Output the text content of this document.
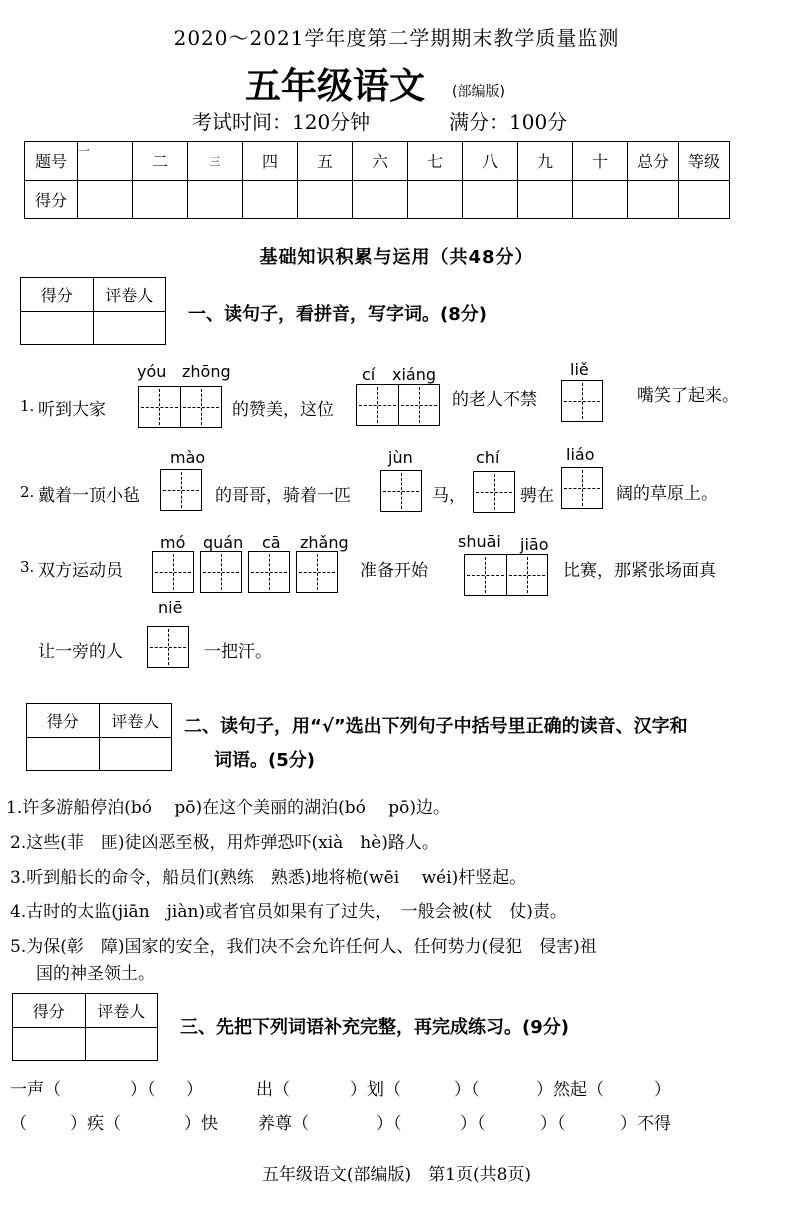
2020～2021学年度第二学期期末教学质量监测
五年级语文 (部编版)
考试时间：120分钟	满分：100分
题号	一	二	三	四	五	六	七	八	九	十	总分	等级
得分												
基础知识积累与运用（共48分）
得分	评卷人
一、读句子，看拼音，写字词。(8分)
yóu zhōng	cí xiáng	liě
1. 听到大家	的赞美，这位	的老人不禁	嘴笑了起来。
mào	jùn	chí	liáo
2. 戴着一顶小毡	的哥哥，骑着一匹	马，	骋在	阔的草原上。
mó quán cā zhǎng	shuāi jiāo
3. 双方运动员	准备开始	比赛，那紧张场面真
niē
让一旁的人	一把汗。
得分	评卷人	二、读句子，用“√”选出下列句子中括号里正确的读音、汉字和
词语。(5分)
1.许多游船停泊(bó　 pō)在这个美丽的湖泊(bó　 pō)边。
2.这些(菲　匪)徒凶恶至极，用炸弹恐吓(xià　hè)路人。
3.听到船长的命令，船员们(熟练　熟悉)地将桅(wēi　 wéi)杆竖起。
4.古时的太监(jiān　jiàn)或者官员如果有了过失，　一般会被(杖　仗)责。
5.为保(彰　障)国家的安全，我们决不会允许任何人、任何势力(侵犯　侵害)祖
国的神圣领土。
得分	评卷人
三、先把下列词语补充完整，再完成练习。(9分)
一声（	）（ ）	出（	）划（	）（	）然起（	）
（	）疾（	）快 养尊（	）（	）（	）（	）不得
五年级语文(部编版)　第1页(共8页)
